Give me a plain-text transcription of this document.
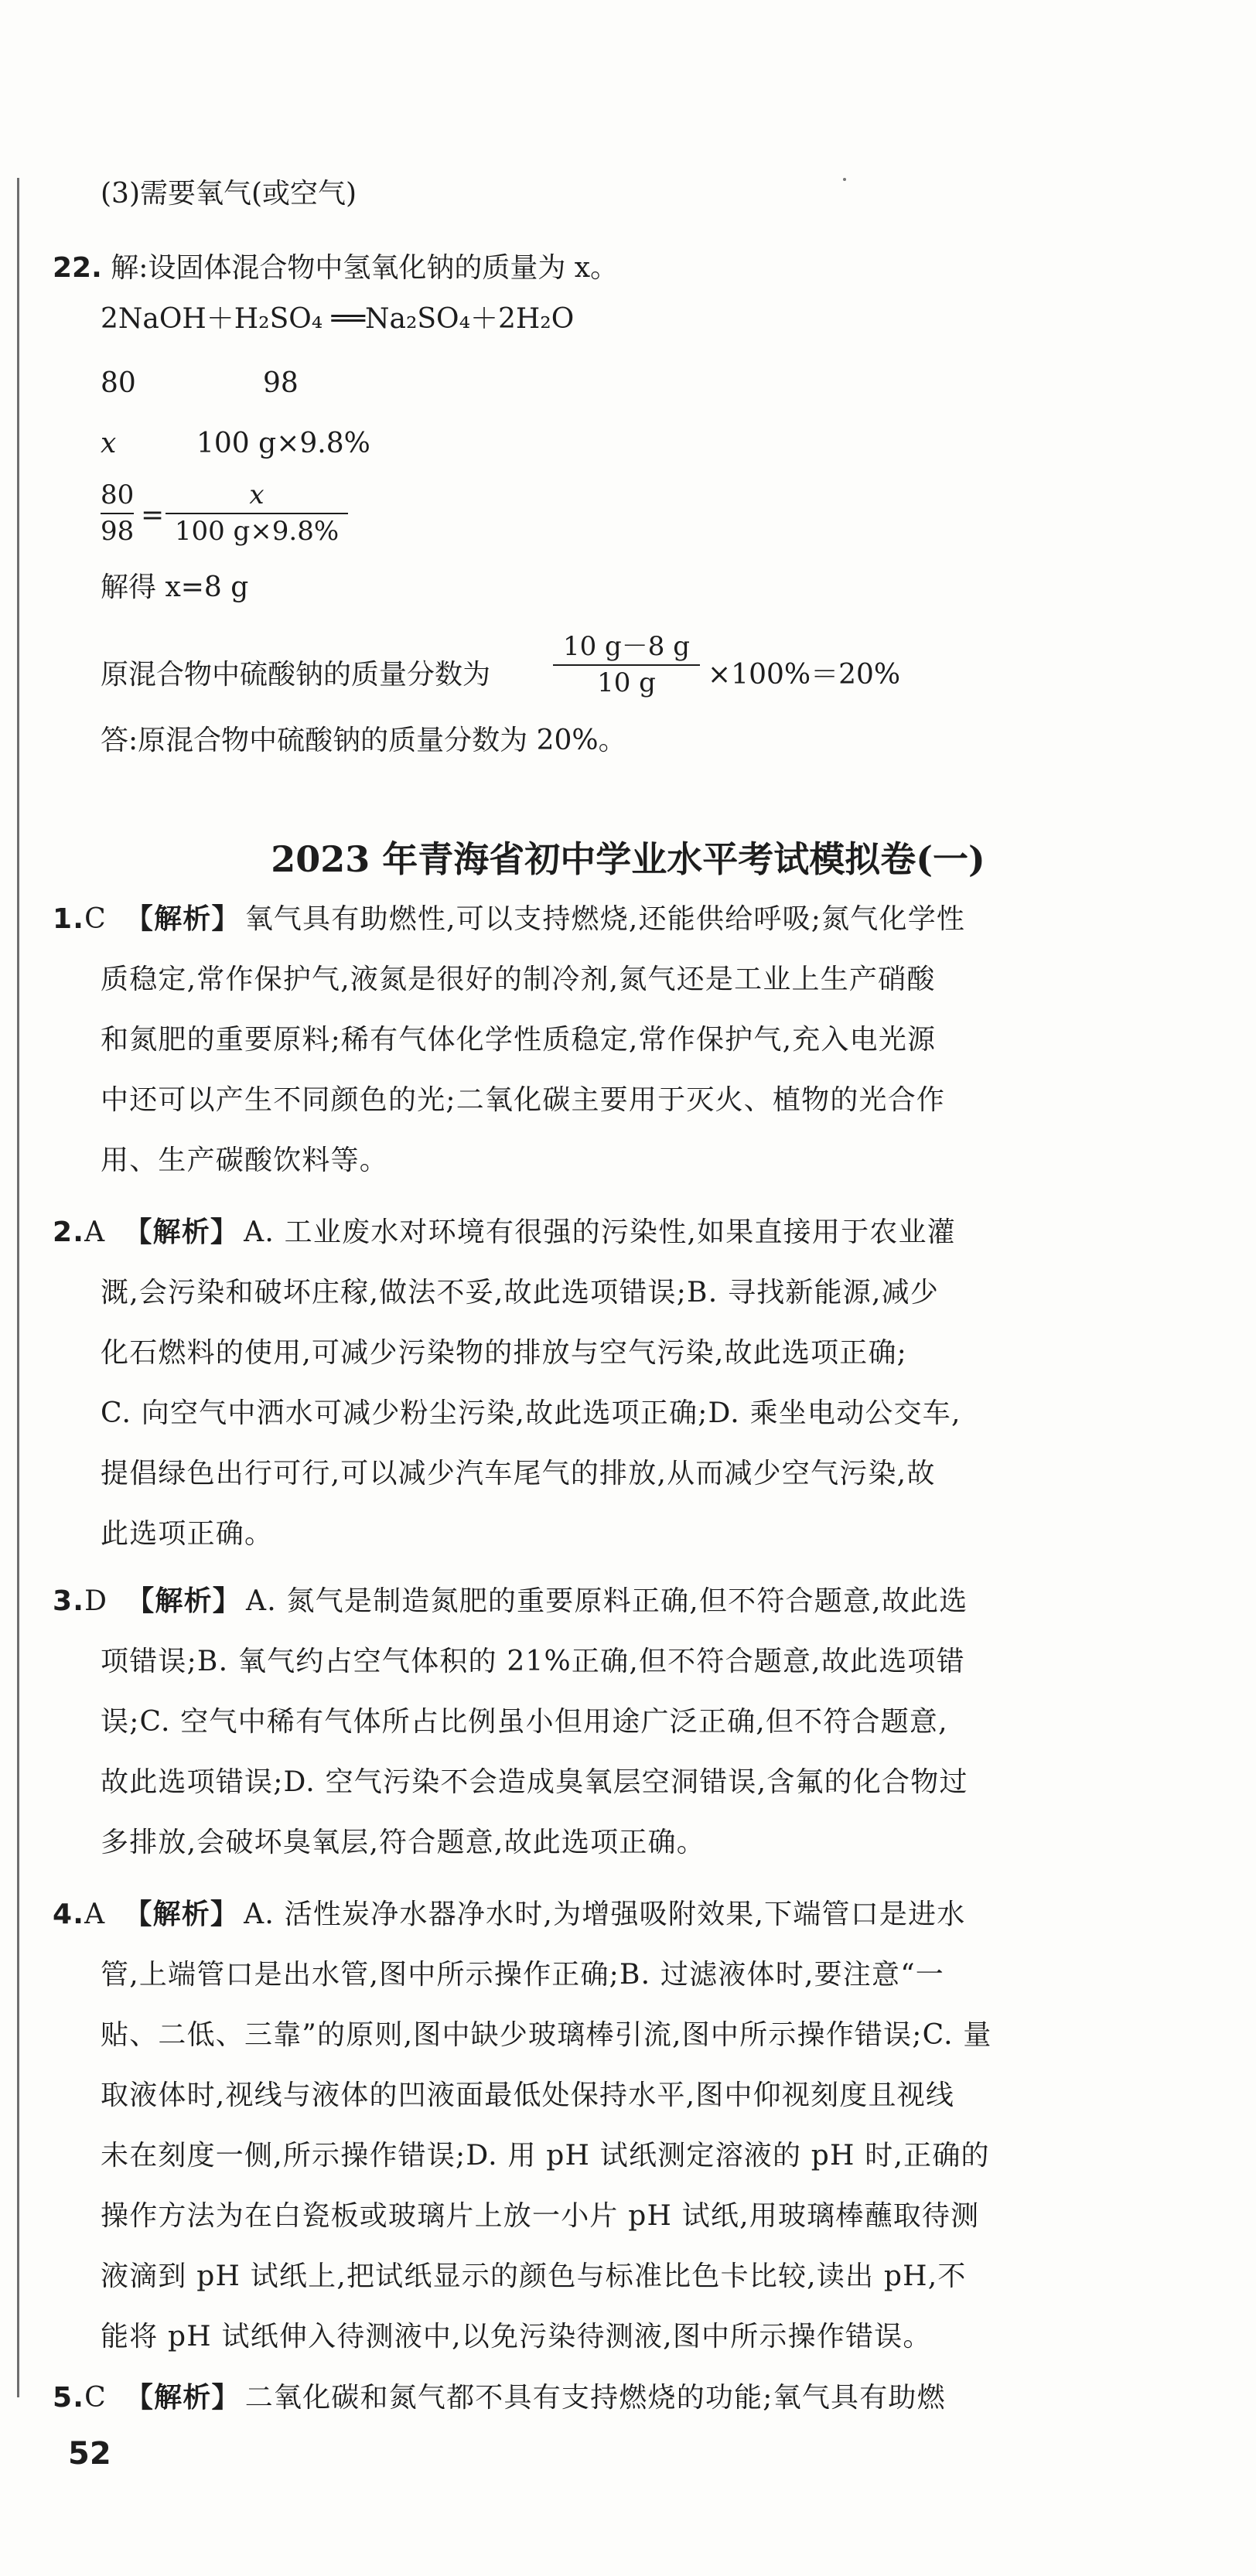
(3)需要氧气(或空气)
22. 解:设固体混合物中氢氧化钠的质量为 x。
2NaOH＋H₂SO₄ ══Na₂SO₄＋2H₂O
80	98
x	100 g×9.8%
80
98
=
x
100 g×9.8%
解得 x=8 g
原混合物中硫酸钠的质量分数为
10 g－8 g
10 g ×100%＝20%
答:原混合物中硫酸钠的质量分数为 20%。
2023 年青海省初中学业水平考试模拟卷(一)
1.C 【解析】 氧气具有助燃性,可以支持燃烧,还能供给呼吸;氮气化学性
质稳定,常作保护气,液氮是很好的制冷剂,氮气还是工业上生产硝酸
和氮肥的重要原料;稀有气体化学性质稳定,常作保护气,充入电光源
中还可以产生不同颜色的光;二氧化碳主要用于灭火、植物的光合作
用、生产碳酸饮料等。
2.A 【解析】 A. 工业废水对环境有很强的污染性,如果直接用于农业灌
溉,会污染和破坏庄稼,做法不妥,故此选项错误;B. 寻找新能源,减少
化石燃料的使用,可减少污染物的排放与空气污染,故此选项正确;
C. 向空气中洒水可减少粉尘污染,故此选项正确;D. 乘坐电动公交车,
提倡绿色出行可行,可以减少汽车尾气的排放,从而减少空气污染,故
此选项正确。
3.D 【解析】 A. 氮气是制造氮肥的重要原料正确,但不符合题意,故此选
项错误;B. 氧气约占空气体积的 21%正确,但不符合题意,故此选项错
误;C. 空气中稀有气体所占比例虽小但用途广泛正确,但不符合题意,
故此选项错误;D. 空气污染不会造成臭氧层空洞错误,含氟的化合物过
多排放,会破坏臭氧层,符合题意,故此选项正确。
4.A 【解析】 A. 活性炭净水器净水时,为增强吸附效果,下端管口是进水
管,上端管口是出水管,图中所示操作正确;B. 过滤液体时,要注意“一
贴、二低、三靠”的原则,图中缺少玻璃棒引流,图中所示操作错误;C. 量
取液体时,视线与液体的凹液面最低处保持水平,图中仰视刻度且视线
未在刻度一侧,所示操作错误;D. 用 pH 试纸测定溶液的 pH 时,正确的
操作方法为在白瓷板或玻璃片上放一小片 pH 试纸,用玻璃棒蘸取待测
液滴到 pH 试纸上,把试纸显示的颜色与标准比色卡比较,读出 pH,不
能将 pH 试纸伸入待测液中,以免污染待测液,图中所示操作错误。
5.C 【解析】 二氧化碳和氮气都不具有支持燃烧的功能;氧气具有助燃
52
